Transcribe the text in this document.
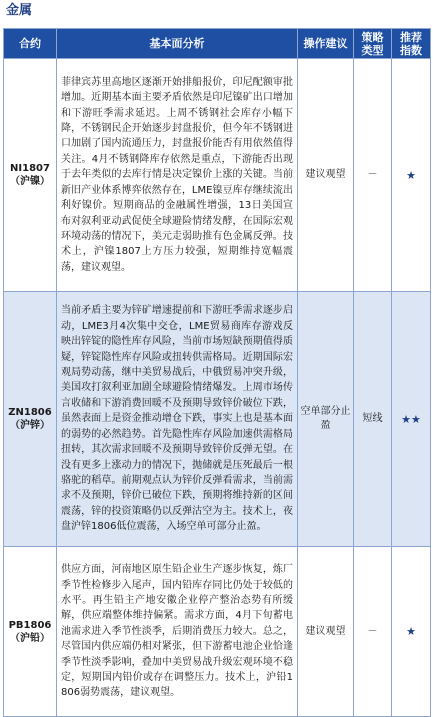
金属
合约	基本面分析	操作建议	策略
类型	推荐
指数

NI1807
（沪镍）	菲律宾苏里高地区逐渐开始排船报价，印尼配额审批增加。近期基本面主要矛盾依然是印尼镍矿出口增加和下游旺季需求延迟。上周不锈钢社会库存小幅下降，不锈钢民企开始逐步封盘报价，但今年不锈钢进口加剧了国内流通压力，封盘报价能否有用依然值得关注。4月不锈钢降库存依然是重点，下游能否出现于去年类似的去库行情是决定镍价上涨的关键。当前新旧产业体系博弈依然存在，LME镍豆库存继续流出利好镍价。短期商品的金融属性增强，13日美国宣布对叙利亚动武促使全球避险情绪发酵，在国际宏观环境动荡的情况下，美元走弱助推有色金属反弹。技术上，沪镍1807上方压力较强，短期维持宽幅震荡，建议观望。	建议观望	－	★

ZN1806
（沪锌）	当前矛盾主要为锌矿增速提前和下游旺季需求逐步启动，LME3月4次集中交仓，LME贸易商库存游戏反映出锌锭的隐性库存风险，当前市场短缺预期值得质疑，锌锭隐性库存风险或扭转供需格局。近期国际宏观局势动荡，继中美贸易战后，中俄贸易冲突升级，美国攻打叙利亚加剧全球避险情绪爆发。上周市场传言收储和下游消费回暖不及预期导致锌价破位下跌，虽然表面上是资金推动增仓下跌，事实上也是基本面的弱势的必然趋势。首先隐性库存风险加速供需格局扭转，其次需求回暖不及预期导致锌价反弹无望。在没有更多上涨动力的情况下，抛储就是压死最后一根骆驼的稻草。前期观点认为锌价反弹看需求，当前需求不及预期，锌价已破位下跌，预期将维持新的区间震荡，锌的投资策略仍以反弹沽空为主。技术上，夜盘沪锌1806低位震荡，入场空单可部分止盈。	空单部分止盈	短线	★★

PB1806
（沪铅）	供应方面，河南地区原生铅企业生产逐步恢复，炼厂季节性检修步入尾声，国内铅库存同比仍处于较低的水平。再生铅主产地安徽企业停产整治态势有所缓解，供应端整体维持偏紧。需求方面，4月下旬蓄电池需求进入季节性淡季，后期消费压力较大。总之，尽管国内供应端仍相对紧张，但下游蓄电池企业恰逢季节性淡季影响，叠加中美贸易战升级宏观环境不稳定，短期国内铅价或存在调整压力。技术上，沪铅1806弱势震荡，建议观望。	建议观望	－	★
